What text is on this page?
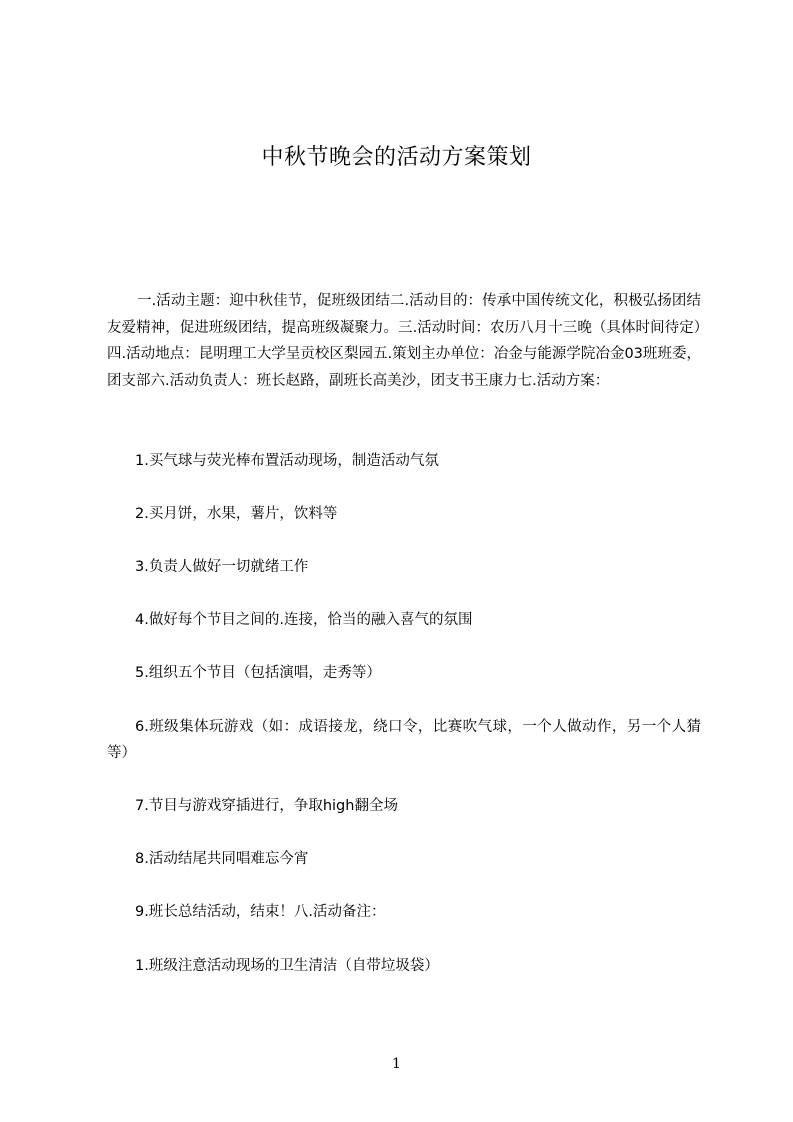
中秋节晚会的活动方案策划

一.活动主题：迎中秋佳节，促班级团结二.活动目的：传承中国传统文化，积极弘扬团结友爱精神，促进班级团结，提高班级凝聚力。三.活动时间：农历八月十三晚（具体时间待定）四.活动地点：昆明理工大学呈贡校区梨园五.策划主办单位：冶金与能源学院冶金03班班委，团支部六.活动负责人：班长赵路，副班长高美沙，团支书王康力七.活动方案：

1.买气球与荧光棒布置活动现场，制造活动气氛

2.买月饼，水果，薯片，饮料等

3.负责人做好一切就绪工作

4.做好每个节目之间的.连接，恰当的融入喜气的氛围

5.组织五个节目（包括演唱，走秀等）

6.班级集体玩游戏（如：成语接龙，绕口令，比赛吹气球，一个人做动作，另一个人猜等）

7.节目与游戏穿插进行，争取high翻全场

8.活动结尾共同唱难忘今宵

9.班长总结活动，结束！八.活动备注：

1.班级注意活动现场的卫生清洁（自带垃圾袋）

1
